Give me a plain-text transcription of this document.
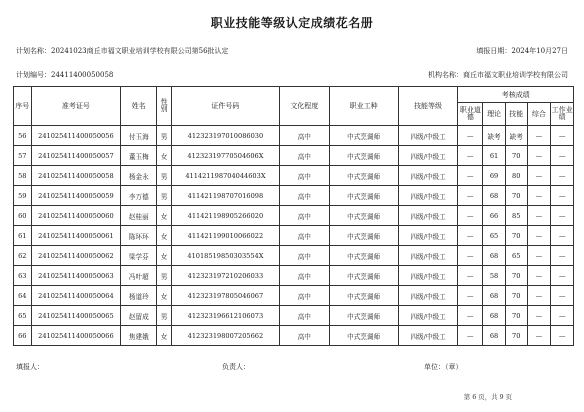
职业技能等级认定成绩花名册
计划名称：20241023商丘市福文职业培训学校有限公司第56批认定	填报日期：2024年10月27日
计划编号：24411400050058	机构名称：商丘市福文职业培训学校有限公司
序号	准考证号	姓名	性别	证件号码	文化程度	职业工种	技能等级	考核成绩				
								职业道德	理论	技能	综合	工作业绩
56	241025411400050056	付玉海	男	412323197010086030	高中	中式烹调师	四级/中级工	—	缺考	缺考	—	—
57	241025411400050057	董玉梅	女	41232319770504606X	高中	中式烹调师	四级/中级工	—	61	70	—	—
58	241025411400050058	杨金永	男	411421198704044603X	高中	中式烹调师	四级/中级工	—	69	80	—	—
59	241025411400050059	李万德	男	411421198707016098	高中	中式烹调师	四级/中级工	—	68	70	—	—
60	241025411400050060	赵桂丽	女	411421198905266020	高中	中式烹调师	四级/中级工	—	66	85	—	—
61	241025411400050061	陈环环	女	411421199010066022	高中	中式烹调师	四级/中级工	—	65	70	—	—
62	241025411400050062	梁学芬	女	41018519850303554X	高中	中式烹调师	四级/中级工	—	68	65	—	—
63	241025411400050063	冯叶超	男	412323197210206033	高中	中式烹调师	四级/中级工	—	58	70	—	—
64	241025411400050064	杨道玲	女	412323197805046067	高中	中式烹调师	四级/中级工	—	68	70	—	—
65	241025411400050065	赵留成	男	412323196612106073	高中	中式烹调师	四级/中级工	—	68	70	—	—
66	241025411400050066	焦建娥	女	412323198007205662	高中	中式烹调师	四级/中级工	—	68	70	—	—
填报人：	负责人：	单位：（章）
第 6 页，共 9 页
